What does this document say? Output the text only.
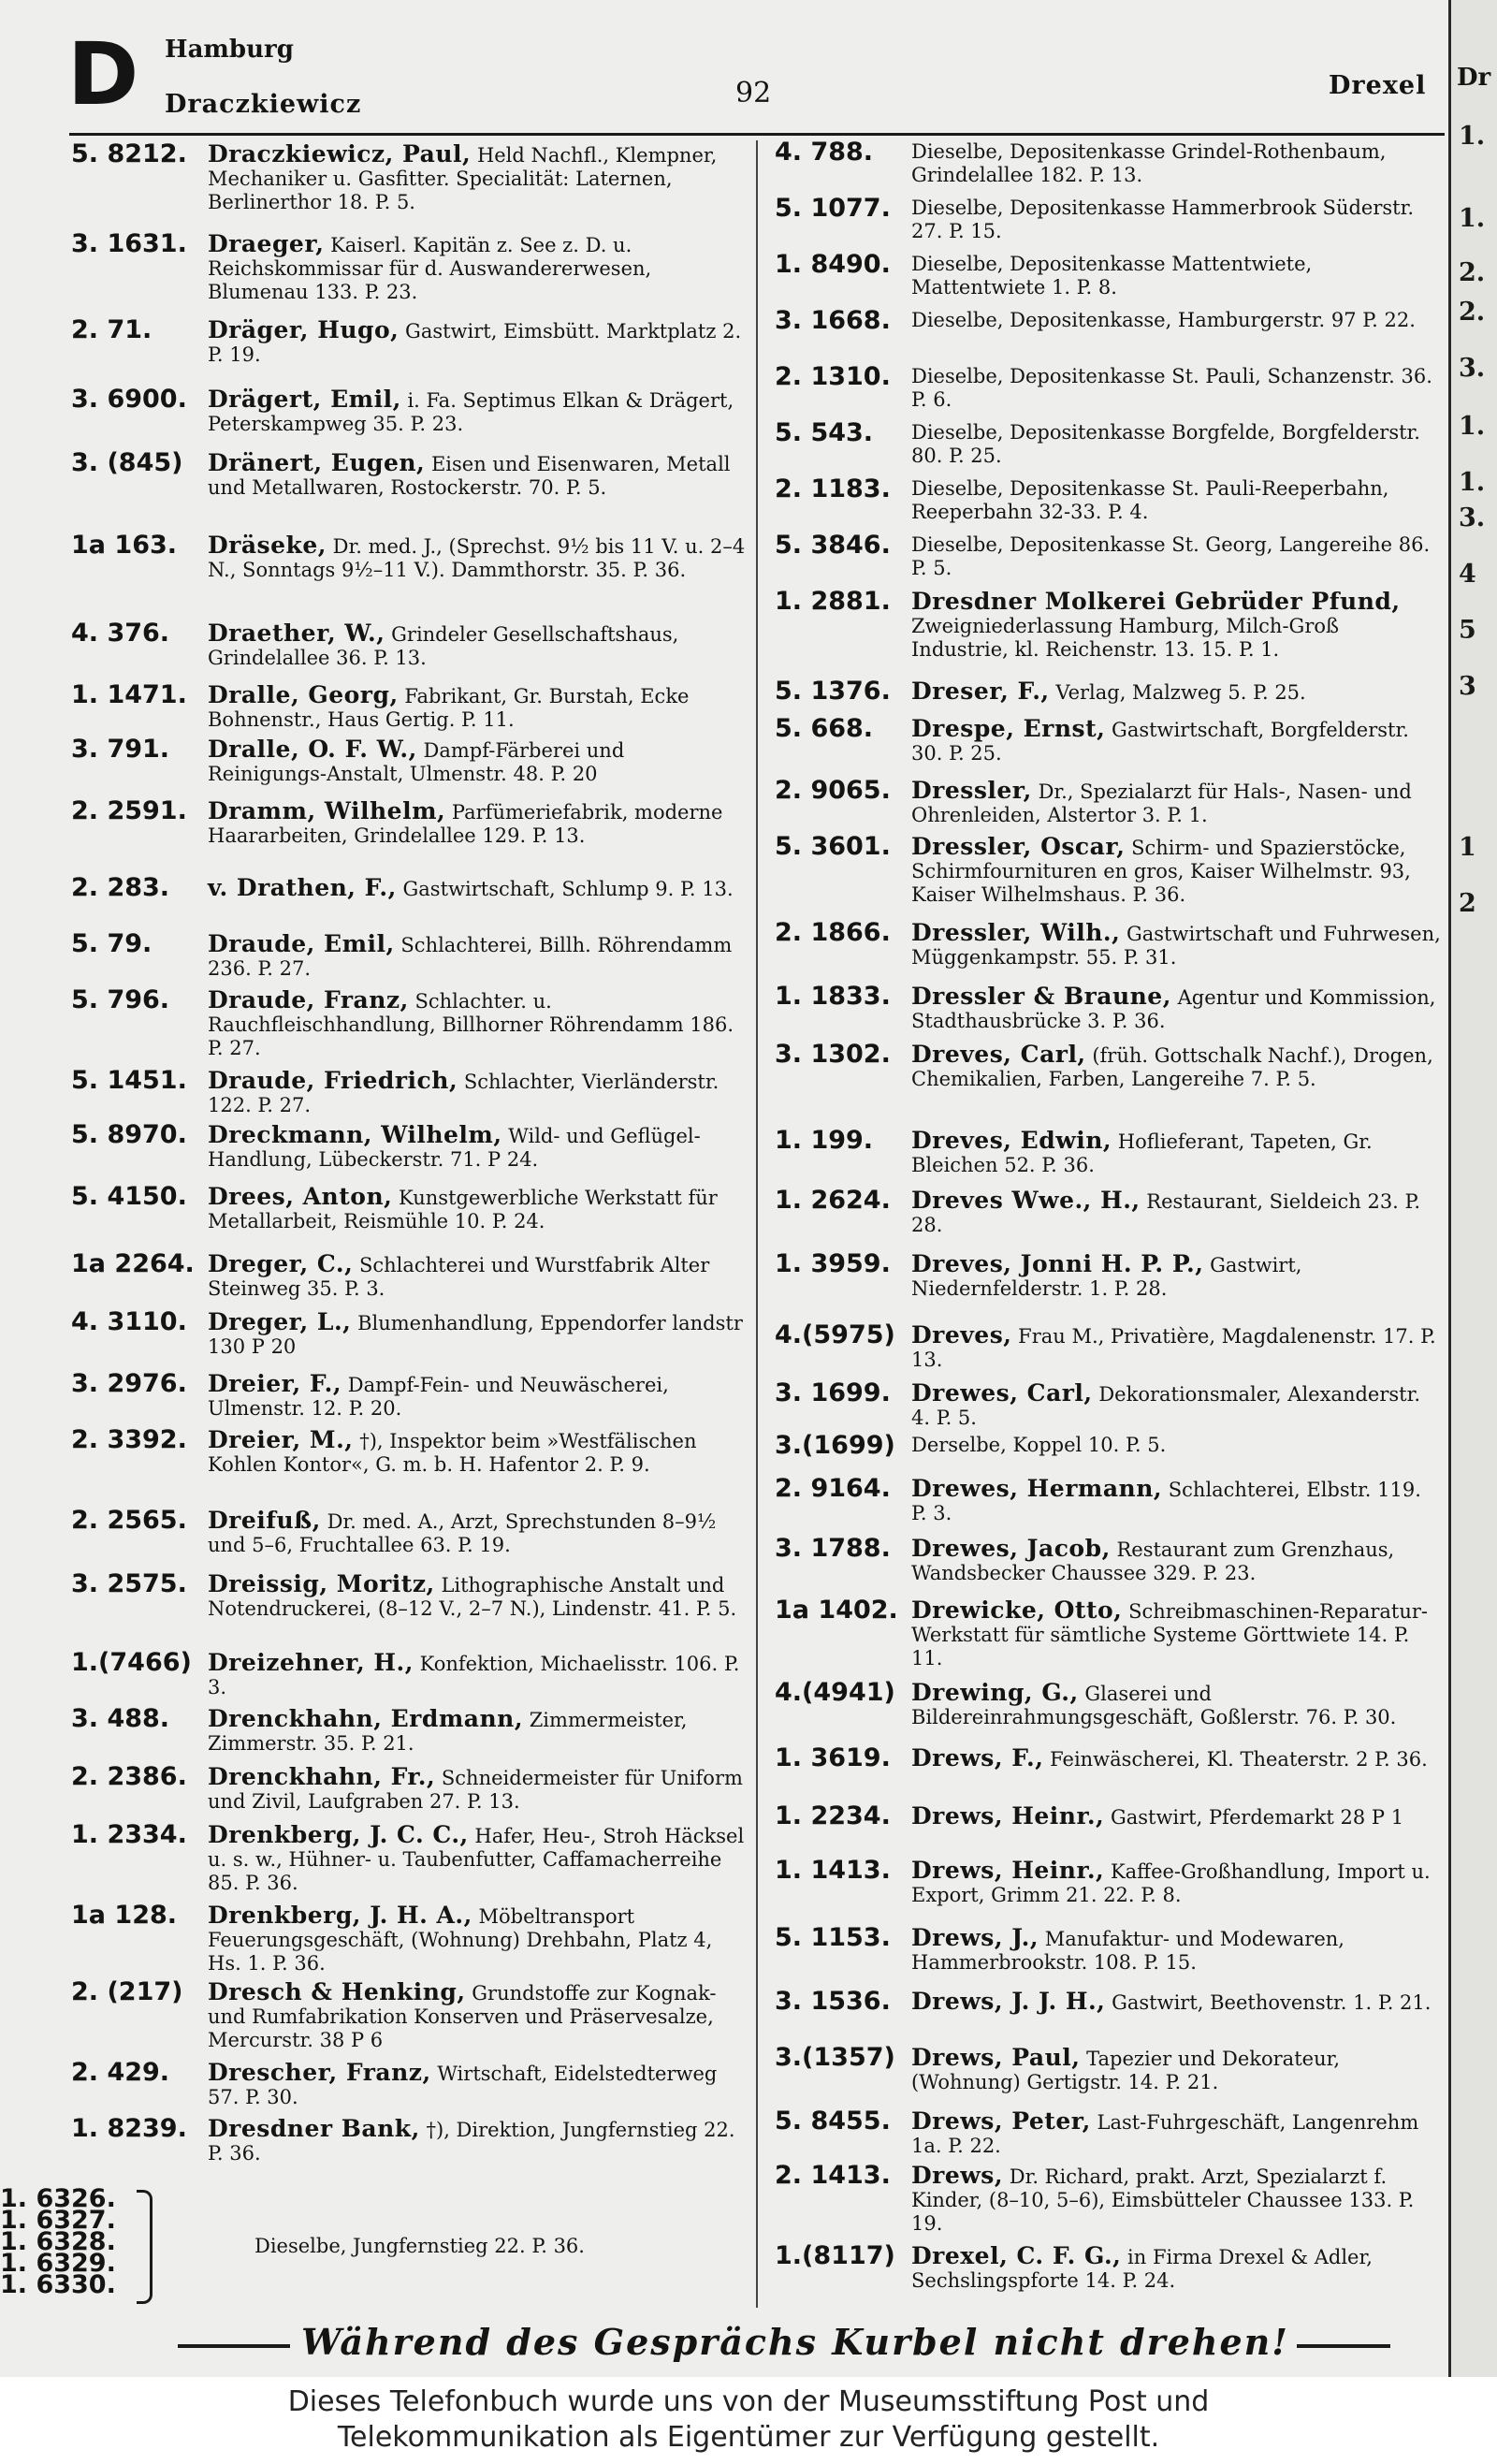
D Hamburg
Draczkiewicz	92	Drexel
5. 8212. Draczkiewicz, Paul, Held Nachfl., Klempner, Mechaniker u. Gasfitter. Specialität: Laternen, Berlinerthor 18. P. 5.
3. 1631. Draeger, Kaiserl. Kapitän z. See z. D. u. Reichskommissar für d. Auswandererwesen, Blumenau 133. P. 23.
2. 71.	Dräger, Hugo, Gastwirt, Eimsbütt. Marktplatz 2. P. 19.
3. 6900. Drägert, Emil, i. Fa. Septimus Elkan & Drägert, Peterskampweg 35. P. 23.
3. (845)	Dränert, Eugen, Eisen und Eisenwaren, Metall und Metallwaren, Rostockerstr. 70. P. 5.
1a 163.	Dräseke, Dr. med. J., (Sprechst. 9½ bis 11 V. u. 2–4 N., Sonntags 9½–11 V.). Dammthorstr. 35. P. 36.
4. 376.	Draether, W., Grindeler Gesellschaftshaus, Grindelallee 36. P. 13.
1. 1471. Dralle, Georg, Fabrikant, Gr. Burstah, Ecke Bohnenstr., Haus Gertig. P. 11.
3. 791.	Dralle, O. F. W., Dampf-Färberei und Reinigungs-Anstalt, Ulmenstr. 48. P. 20
2. 2591. Dramm, Wilhelm, Parfümeriefabrik, moderne Haararbeiten, Grindelallee 129. P. 13.
2. 283.	v. Drathen, F., Gastwirtschaft, Schlump 9. P. 13.
5. 79.	Draude, Emil, Schlachterei, Billh. Röhrendamm 236. P. 27.
5. 796.	Draude, Franz, Schlachter. u. Rauchfleischhandlung, Billhorner Röhrendamm 186. P. 27.
5. 1451. Draude, Friedrich, Schlachter, Vierländerstr. 122. P. 27.
5. 8970. Dreckmann, Wilhelm, Wild- und Geflügel-Handlung, Lübeckerstr. 71. P 24.
5. 4150. Drees, Anton, Kunstgewerbliche Werkstatt für Metallarbeit, Reismühle 10. P. 24.
1a 2264. Dreger, C., Schlachterei und Wurstfabrik Alter Steinweg 35. P. 3.
4. 3110. Dreger, L., Blumenhandlung, Eppendorfer landstr 130 P 20
3. 2976. Dreier, F., Dampf-Fein- und Neuwäscherei, Ulmenstr. 12. P. 20.
2. 3392. Dreier, M., †), Inspektor beim »Westfälischen Kohlen Kontor«, G. m. b. H. Hafentor 2. P. 9.
2. 2565. Dreifuß, Dr. med. A., Arzt, Sprechstunden 8–9½ und 5–6, Fruchtallee 63. P. 19.
3. 2575. Dreissig, Moritz, Lithographische Anstalt und Notendruckerei, (8–12 V., 2–7 N.), Lindenstr. 41. P. 5.
1.(7466) Dreizehner, H., Konfektion, Michaelisstr. 106. P. 3.
3. 488.	Drenckhahn, Erdmann, Zimmermeister, Zimmerstr. 35. P. 21.
2. 2386. Drenckhahn, Fr., Schneidermeister für Uniform und Zivil, Laufgraben 27. P. 13.
1. 2334. Drenkberg, J. C. C., Hafer, Heu-, Stroh Häcksel u. s. w., Hühner- u. Taubenfutter, Caffamacherreihe 85. P. 36.
1a 128.	Drenkberg, J. H. A., Möbeltransport Feuerungsgeschäft, (Wohnung) Drehbahn, Platz 4, Hs. 1. P. 36.
2. (217)	Dresch & Henking, Grundstoffe zur Kognak- und Rumfabrikation Konserven und Präservesalze, Mercurstr. 38 P 6
2. 429.	Drescher, Franz, Wirtschaft, Eidelstedterweg 57. P. 30.
1. 8239. Dresdner Bank, †), Direktion, Jungfernstieg 22. P. 36.
4. 788.	Dieselbe, Depositenkasse Grindel-Rothenbaum, Grindelallee 182. P. 13.
5. 1077.	Dieselbe, Depositenkasse Hammerbrook Süderstr. 27. P. 15.
1. 8490.	Dieselbe, Depositenkasse Mattentwiete, Mattentwiete 1. P. 8.
3. 1668.	Dieselbe, Depositenkasse, Hamburgerstr. 97 P. 22.
2. 1310.	Dieselbe, Depositenkasse St. Pauli, Schanzenstr. 36. P. 6.
5. 543.	Dieselbe, Depositenkasse Borgfelde, Borgfelderstr. 80. P. 25.
2. 1183.	Dieselbe, Depositenkasse St. Pauli-Reeperbahn, Reeperbahn 32-33. P. 4.
5. 3846.	Dieselbe, Depositenkasse St. Georg, Langereihe 86. P. 5.
1. 2881. Dresdner Molkerei Gebrüder Pfund, Zweigniederlassung Hamburg, Milch-Groß Industrie, kl. Reichenstr. 13. 15. P. 1.
5. 1376. Dreser, F., Verlag, Malzweg 5. P. 25.
5. 668.	Drespe, Ernst, Gastwirtschaft, Borgfelderstr. 30. P. 25.
2. 9065. Dressler, Dr., Spezialarzt für Hals-, Nasen- und Ohrenleiden, Alstertor 3. P. 1.
5. 3601. Dressler, Oscar, Schirm- und Spazierstöcke, Schirmfournituren en gros, Kaiser Wilhelmstr. 93, Kaiser Wilhelmshaus. P. 36.
2. 1866. Dressler, Wilh., Gastwirtschaft und Fuhrwesen, Müggenkampstr. 55. P. 31.
1. 1833. Dressler & Braune, Agentur und Kommission, Stadthausbrücke 3. P. 36.
3. 1302. Dreves, Carl, (früh. Gottschalk Nachf.), Drogen, Chemikalien, Farben, Langereihe 7. P. 5.
1. 199.	Dreves, Edwin, Hoflieferant, Tapeten, Gr. Bleichen 52. P. 36.
1. 2624. Dreves Wwe., H., Restaurant, Sieldeich 23. P. 28.
1. 3959. Dreves, Jonni H. P. P., Gastwirt, Niedernfelderstr. 1. P. 28.
4.(5975) Dreves, Frau M., Privatière, Magdalenenstr. 17. P. 13.
3. 1699. Drewes, Carl, Dekorationsmaler, Alexanderstr. 4. P. 5.
3.(1699) Derselbe, Koppel 10. P. 5.
2. 9164. Drewes, Hermann, Schlachterei, Elbstr. 119. P. 3.
3. 1788. Drewes, Jacob, Restaurant zum Grenzhaus, Wandsbecker Chaussee 329. P. 23.
1a 1402. Drewicke, Otto, Schreibmaschinen-Reparatur-Werkstatt für sämtliche Systeme Görttwiete 14. P. 11.
4.(4941) Drewing, G., Glaserei und Bildereinrahmungsgeschäft, Goßlerstr. 76. P. 30.
1. 3619. Drews, F., Feinwäscherei, Kl. Theaterstr. 2 P. 36.
1. 2234. Drews, Heinr., Gastwirt, Pferdemarkt 28 P 1
1. 1413. Drews, Heinr., Kaffee-Großhandlung, Import u. Export, Grimm 21. 22. P. 8.
5. 1153. Drews, J., Manufaktur- und Modewaren, Hammerbrookstr. 108. P. 15.
3. 1536. Drews, J. J. H., Gastwirt, Beethovenstr. 1. P. 21.
3.(1357) Drews, Paul, Tapezier und Dekorateur, (Wohnung) Gertigstr. 14. P. 21.
5. 8455. Drews, Peter, Last-Fuhrgeschäft, Langenrehm 1a. P. 22.
2. 1413. Drews, Dr. Richard, prakt. Arzt, Spezialarzt f. Kinder, (8–10, 5–6), Eimsbütteler Chaussee 133. P. 19.
1.(8117) Drexel, C. F. G., in Firma Drexel & Adler, Sechslingspforte 14. P. 24.
1. 6326.
1. 6327.
1. 6328.
1. 6329.
1. 6330.
Dieselbe, Jungfernstieg 22. P. 36.
Dr
1.
1.
2.
2.
3.
1.
1.
3.
4
5
3
1
2
Während des Gesprächs Kurbel nicht drehen!
Dieses Telefonbuch wurde uns von der Museumsstiftung Post und
Telekommunikation als Eigentümer zur Verfügung gestellt.
